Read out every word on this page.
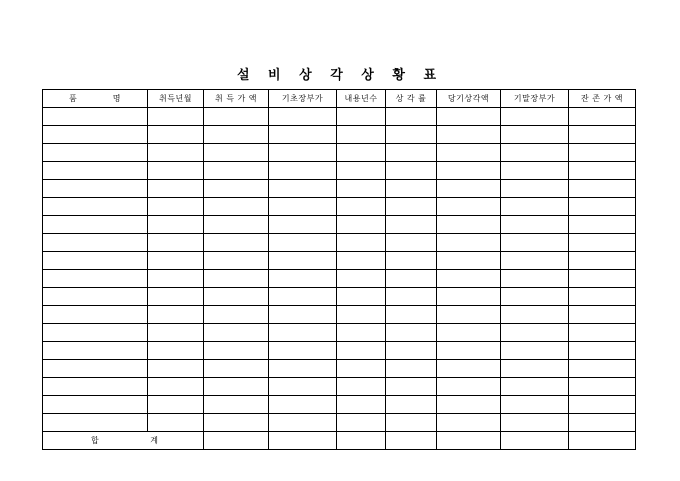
설 비 상 각 상 황 표
품 명	취득년월	취 득 가 액	기초장부가	내용년수	상 각 률	당기상각액	기말장부가	잔 존 가 액

합 계								
